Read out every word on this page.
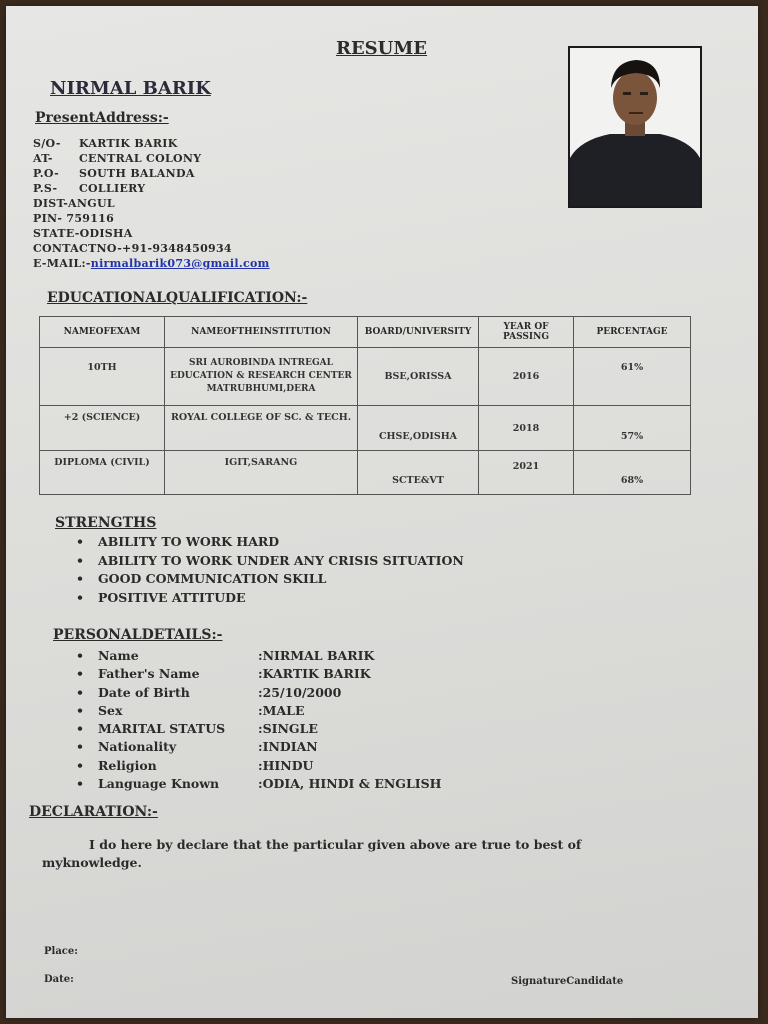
RESUME
NIRMAL BARIK
PresentAddress:-
S/O- KARTIK BARIK
AT- CENTRAL COLONY
P.O- SOUTH BALANDA
P.S- COLLIERY
DIST-ANGUL
PIN- 759116
STATE-ODISHA
CONTACTNO-+91-9348450934
E-MAIL:-nirmalbarik073@gmail.com
EDUCATIONALQUALIFICATION:-
NAMEOFEXAM	NAMEOFTHEINSTITUTION	BOARD/UNIVERSITY	YEAR OF PASSING	PERCENTAGE
10TH	SRI AUROBINDA INTREGAL EDUCATION & RESEARCH CENTER MATRUBHUMI,DERA	BSE,ORISSA	2016	61%
+2 (SCIENCE)	ROYAL COLLEGE OF SC. & TECH.	CHSE,ODISHA	2018	57%
DIPLOMA (CIVIL)	IGIT,SARANG	SCTE&VT	2021	68%
STRENGTHS
• ABILITY TO WORK HARD
• ABILITY TO WORK UNDER ANY CRISIS SITUATION
• GOOD COMMUNICATION SKILL
• POSITIVE ATTITUDE
PERSONALDETAILS:-
• Name	:NIRMAL BARIK
• Father's Name	:KARTIK BARIK
• Date of Birth	:25/10/2000
• Sex	:MALE
• MARITAL STATUS	:SINGLE
• Nationality	:INDIAN
• Religion	:HINDU
• Language Known	:ODIA, HINDI & ENGLISH
DECLARATION:-
I do here by declare that the particular given above are true to best of
myknowledge.
Place:
Date:	SignatureCandidate
